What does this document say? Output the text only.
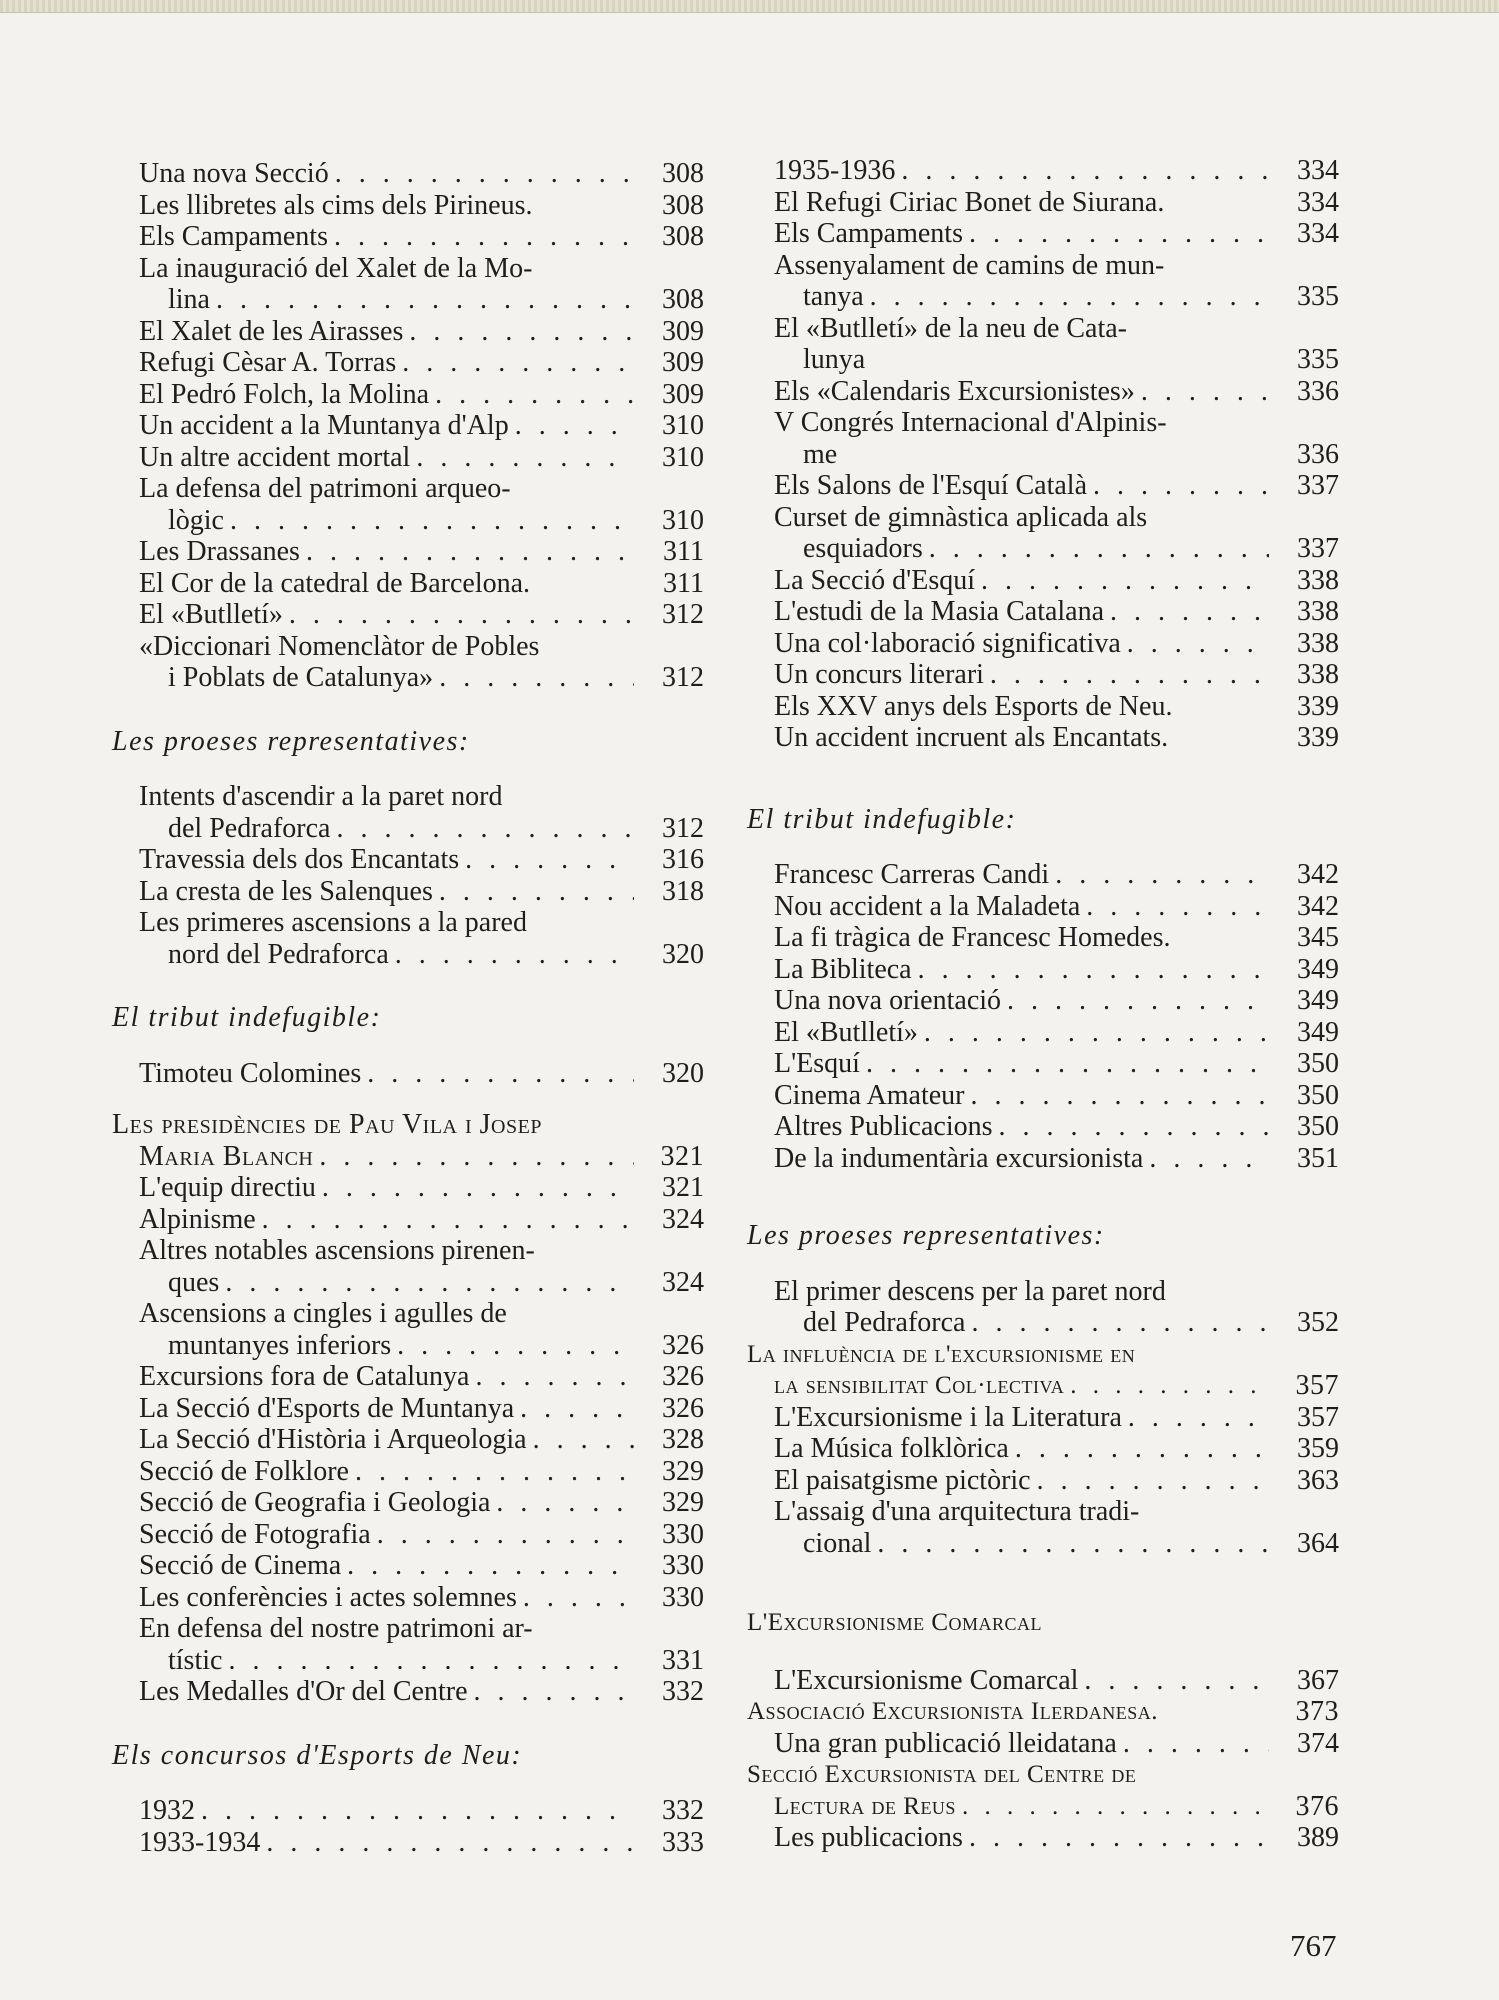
Una nova Secció . . .	308
Les llibretes als cims dels Pirineus.	308
Els Campaments . . .	308
La inauguració del Xalet de la Mo-
lina . . .	308
El Xalet de les Airasses . . .	309
Refugi Cèsar A. Torras . . .	309
El Pedró Folch, la Molina . . .	309
Un accident a la Muntanya d'Alp . . .	310
Un altre accident mortal . . .	310
La defensa del patrimoni arqueo-
lògic . . .	310
Les Drassanes . . .	311
El Cor de la catedral de Barcelona.	311
El «Butlletí» . . .	312
«Diccionari Nomenclàtor de Pobles
i Poblats de Catalunya» . . .	312
Les proeses representatives:
Intents d'ascendir a la paret nord
del Pedraforca . . .	312
Travessia dels dos Encantats . . .	316
La cresta de les Salenques . . .	318
Les primeres ascensions a la pared
nord del Pedraforca . . .	320
El tribut indefugible:
Timoteu Colomines . . .	320
Les presidències de Pau Vila i Josep
Maria Blanch . . .	321
L'equip directiu . . .	321
Alpinisme . . .	324
Altres notables ascensions pirenen-
ques . . .	324
Ascensions a cingles i agulles de
muntanyes inferiors . . .	326
Excursions fora de Catalunya . . .	326
La Secció d'Esports de Muntanya . . .	326
La Secció d'Història i Arqueologia . . .	328
Secció de Folklore . . .	329
Secció de Geografia i Geologia . . .	329
Secció de Fotografia . . .	330
Secció de Cinema . . .	330
Les conferències i actes solemnes . . .	330
En defensa del nostre patrimoni ar-
tístic . . .	331
Les Medalles d'Or del Centre . . .	332
Els concursos d'Esports de Neu:
1932 . . .	332
1933-1934 . . .	333
1935-1936 . . .	334
El Refugi Ciriac Bonet de Siurana.	334
Els Campaments . . .	334
Assenyalament de camins de mun-
tanya . . .	335
El «Butlletí» de la neu de Cata-
lunya	335
Els «Calendaris Excursionistes» . . .	336
V Congrés Internacional d'Alpinis-
me	336
Els Salons de l'Esquí Català . . .	337
Curset de gimnàstica aplicada als
esquiadors . . .	337
La Secció d'Esquí . . .	338
L'estudi de la Masia Catalana . . .	338
Una col·laboració significativa . . .	338
Un concurs literari . . .	338
Els XXV anys dels Esports de Neu.	339
Un accident incruent als Encantats.	339
El tribut indefugible:
Francesc Carreras Candi . . .	342
Nou accident a la Maladeta . . .	342
La fi tràgica de Francesc Homedes.	345
La Bibliteca . . .	349
Una nova orientació . . .	349
El «Butlletí» . . .	349
L'Esquí . . .	350
Cinema Amateur . . .	350
Altres Publicacions . . .	350
De la indumentària excursionista . . .	351
Les proeses representatives:
El primer descens per la paret nord
del Pedraforca . . .	352
La influència de l'excursionisme en
la sensibilitat Col·lectiva . . .	357
L'Excursionisme i la Literatura . . .	357
La Música folklòrica . . .	359
El paisatgisme pictòric . . .	363
L'assaig d'una arquitectura tradi-
cional . . .	364
L'Excursionisme Comarcal
L'Excursionisme Comarcal . . .	367
Associació Excursionista Ilerdanesa.	373
Una gran publicació lleidatana . . .	374
Secció Excursionista del Centre de
Lectura de Reus . . .	376
Les publicacions . . .	389
767
